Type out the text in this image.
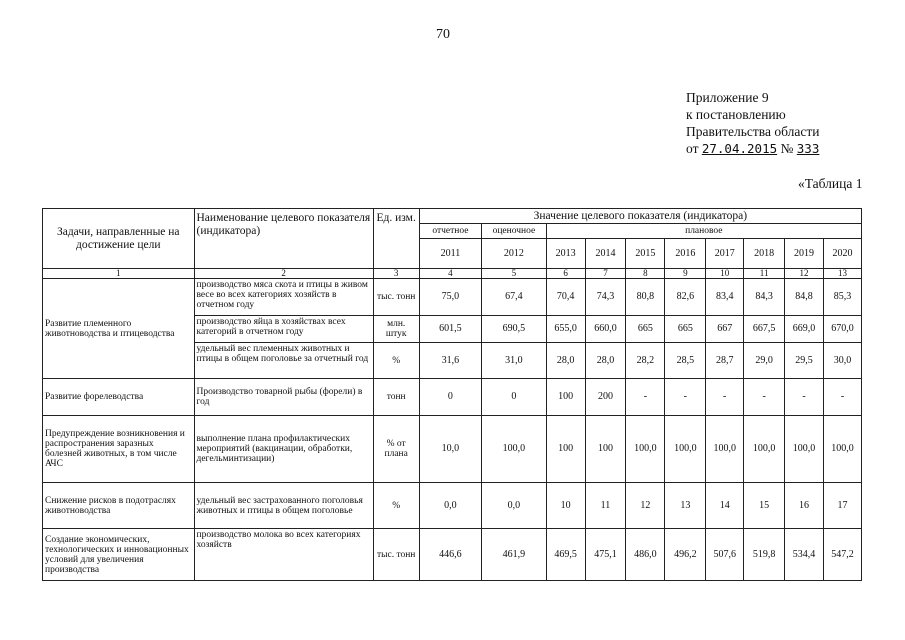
70
Приложение 9
к постановлению
Правительства области
от 27.04.2015 № 333
«Таблица 1
Задачи, направленные на достижение цели	Наименование целевого показателя (индикатора)	Ед. изм.	Значение целевого показателя (индикатора)									
			отчетное	оценочное	плановое							
			2011	2012	2013	2014	2015	2016	2017	2018	2019	2020
1	2	3	4	5	6	7	8	9	10	11	12	13
Развитие племенного животноводства и птицеводства	производство мяса скота и птицы в живом весе во всех категориях хозяйств в отчетном году	тыс. тонн	75,0	67,4	70,4	74,3	80,8	82,6	83,4	84,3	84,8	85,3
	производство яйца в хозяйствах всех категорий в отчетном году	млн. штук	601,5	690,5	655,0	660,0	665	665	667	667,5	669,0	670,0
	удельный вес племенных животных и птицы в общем поголовье за отчетный год	%	31,6	31,0	28,0	28,0	28,2	28,5	28,7	29,0	29,5	30,0
Развитие форелеводства	Производство товарной рыбы (форели) в год	тонн	0	0	100	200	-	-	-	-	-	-
Предупреждение возникновения и распространения заразных болезней животных, в том числе АЧС	выполнение плана профилактических мероприятий (вакцинации, обработки, дегельминтизации)	% от плана	10,0	100,0	100	100	100,0	100,0	100,0	100,0	100,0	100,0
Снижение рисков в подотраслях животноводства	удельный вес застрахованного поголовья животных и птицы в общем поголовье	%	0,0	0,0	10	11	12	13	14	15	16	17
Создание экономических, технологических и инновационных условий для увеличения производства	производство молока во всех категориях хозяйств	тыс. тонн	446,6	461,9	469,5	475,1	486,0	496,2	507,6	519,8	534,4	547,2
